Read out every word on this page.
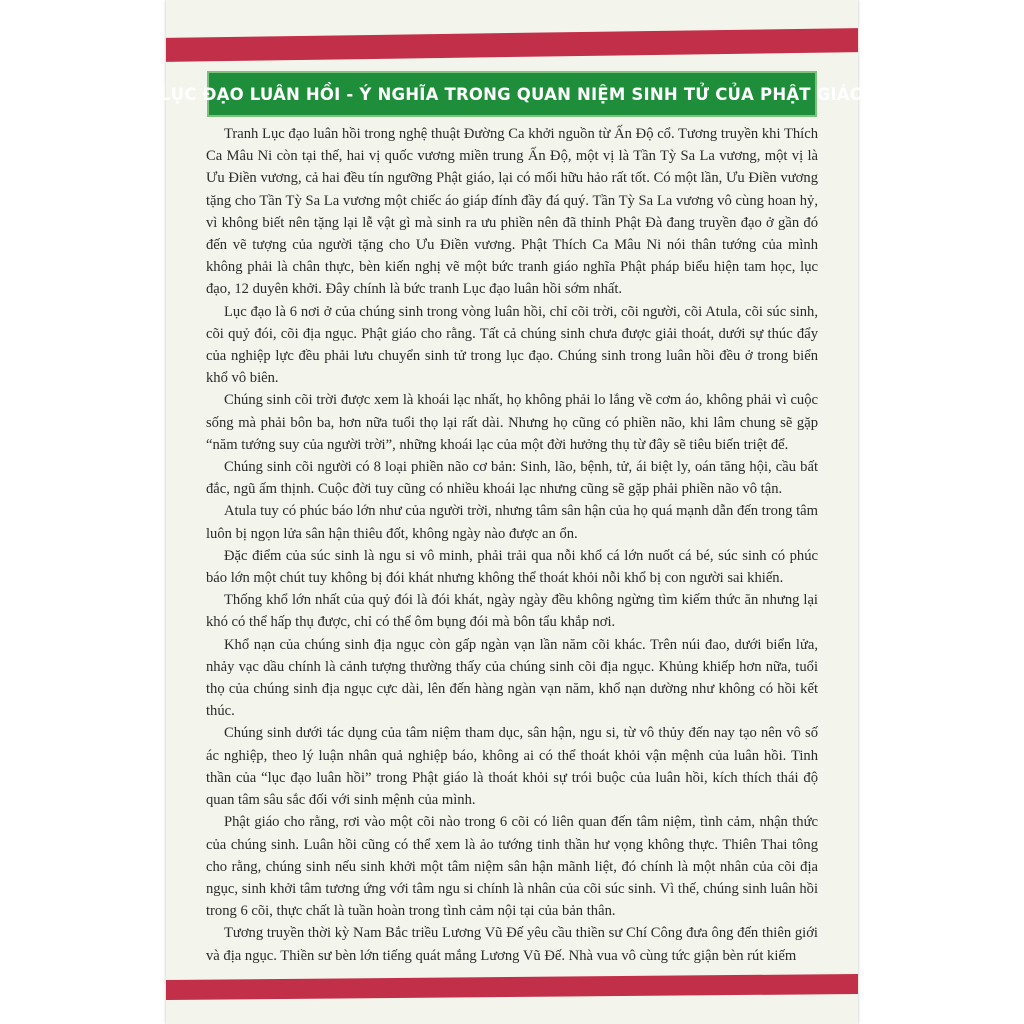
LỤC ĐẠO LUÂN HỒI - Ý NGHĨA TRONG QUAN NIỆM SINH TỬ CỦA PHẬT GIÁO

Tranh Lục đạo luân hồi trong nghệ thuật Đường Ca khởi nguồn từ Ấn Độ cổ. Tương truyền khi Thích Ca Mâu Ni còn tại thế, hai vị quốc vương miền trung Ấn Độ, một vị là Tần Tỳ Sa La vương, một vị là Ưu Điền vương, cả hai đều tín ngưỡng Phật giáo, lại có mối hữu hảo rất tốt. Có một lần, Ưu Điền vương tặng cho Tần Tỳ Sa La vương một chiếc áo giáp đính đầy đá quý. Tần Tỳ Sa La vương vô cùng hoan hỷ, vì không biết nên tặng lại lễ vật gì mà sinh ra ưu phiền nên đã thỉnh Phật Đà đang truyền đạo ở gần đó đến vẽ tượng của người tặng cho Ưu Điền vương. Phật Thích Ca Mâu Ni nói thân tướng của mình không phải là chân thực, bèn kiến nghị vẽ một bức tranh giáo nghĩa Phật pháp biểu hiện tam học, lục đạo, 12 duyên khởi. Đây chính là bức tranh Lục đạo luân hồi sớm nhất.

Lục đạo là 6 nơi ở của chúng sinh trong vòng luân hồi, chỉ cõi trời, cõi người, cõi Atula, cõi súc sinh, cõi quỷ đói, cõi địa ngục. Phật giáo cho rằng. Tất cả chúng sinh chưa được giải thoát, dưới sự thúc đẩy của nghiệp lực đều phải lưu chuyển sinh tử trong lục đạo. Chúng sinh trong luân hồi đều ở trong biển khổ vô biên.

Chúng sinh cõi trời được xem là khoái lạc nhất, họ không phải lo lắng về cơm áo, không phải vì cuộc sống mà phải bôn ba, hơn nữa tuổi thọ lại rất dài. Nhưng họ cũng có phiền não, khi lâm chung sẽ gặp “năm tướng suy của người trời”, những khoái lạc của một đời hưởng thụ từ đây sẽ tiêu biến triệt để.

Chúng sinh cõi người có 8 loại phiền não cơ bản: Sinh, lão, bệnh, tử, ái biệt ly, oán tăng hội, cầu bất đắc, ngũ ấm thịnh. Cuộc đời tuy cũng có nhiều khoái lạc nhưng cũng sẽ gặp phải phiền não vô tận.

Atula tuy có phúc báo lớn như của người trời, nhưng tâm sân hận của họ quá mạnh dẫn đến trong tâm luôn bị ngọn lửa sân hận thiêu đốt, không ngày nào được an ổn.

Đặc điểm của súc sinh là ngu si vô minh, phải trải qua nỗi khổ cá lớn nuốt cá bé, súc sinh có phúc báo lớn một chút tuy không bị đói khát nhưng không thể thoát khỏi nỗi khổ bị con người sai khiến.

Thống khổ lớn nhất của quỷ đói là đói khát, ngày ngày đều không ngừng tìm kiếm thức ăn nhưng lại khó có thể hấp thụ được, chỉ có thể ôm bụng đói mà bôn tẩu khắp nơi.

Khổ nạn của chúng sinh địa ngục còn gấp ngàn vạn lần năm cõi khác. Trên núi đao, dưới biển lửa, nhảy vạc dầu chính là cảnh tượng thường thấy của chúng sinh cõi địa ngục. Khủng khiếp hơn nữa, tuổi thọ của chúng sinh địa ngục cực dài, lên đến hàng ngàn vạn năm, khổ nạn dường như không có hồi kết thúc.

Chúng sinh dưới tác dụng của tâm niệm tham dục, sân hận, ngu si, từ vô thủy đến nay tạo nên vô số ác nghiệp, theo lý luận nhân quả nghiệp báo, không ai có thể thoát khỏi vận mệnh của luân hồi. Tinh thần của “lục đạo luân hồi” trong Phật giáo là thoát khỏi sự trói buộc của luân hồi, kích thích thái độ quan tâm sâu sắc đối với sinh mệnh của mình.

Phật giáo cho rằng, rơi vào một cõi nào trong 6 cõi có liên quan đến tâm niệm, tình cảm, nhận thức của chúng sinh. Luân hồi cũng có thể xem là ảo tướng tinh thần hư vọng không thực. Thiên Thai tông cho rằng, chúng sinh nếu sinh khởi một tâm niệm sân hận mãnh liệt, đó chính là một nhân của cõi địa ngục, sinh khởi tâm tương ứng với tâm ngu si chính là nhân của cõi súc sinh. Vì thế, chúng sinh luân hồi trong 6 cõi, thực chất là tuần hoàn trong tình cảm nội tại của bản thân.

Tương truyền thời kỳ Nam Bắc triều Lương Vũ Đế yêu cầu thiền sư Chí Công đưa ông đến thiên giới và địa ngục. Thiền sư bèn lớn tiếng quát mắng Lương Vũ Đế. Nhà vua vô cùng tức giận bèn rút kiếm
